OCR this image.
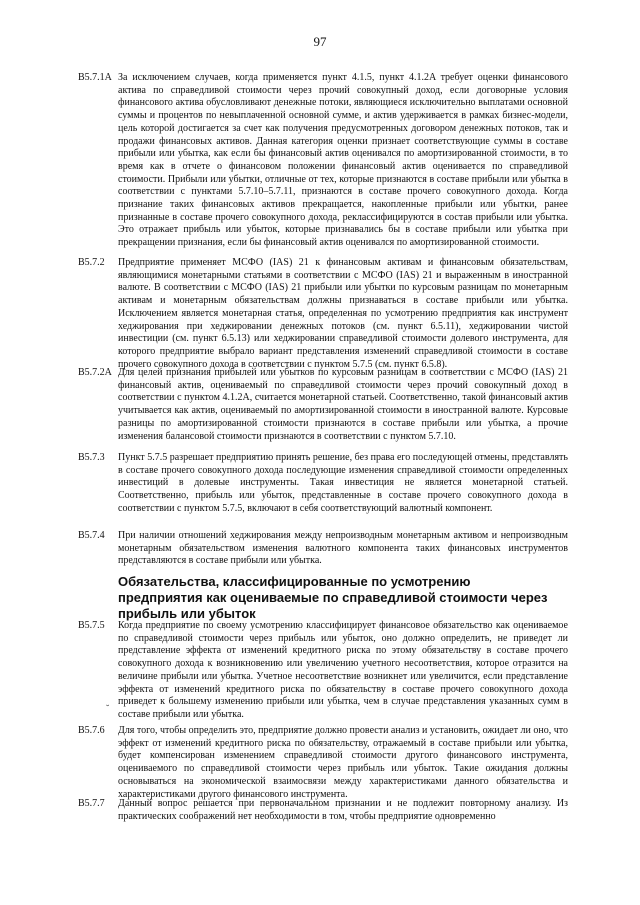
97
B5.7.1A За исключением случаев, когда применяется пункт 4.1.5, пункт 4.1.2A требует оценки финансового актива по справедливой стоимости через прочий совокупный доход, если договорные условия финансового актива обусловливают денежные потоки, являющиеся исключительно выплатами основной суммы и процентов по невыплаченной основной сумме, и актив удерживается в рамках бизнес-модели, цель которой достигается за счет как получения предусмотренных договором денежных потоков, так и продажи финансовых активов. Данная категория оценки признает соответствующие суммы в составе прибыли или убытка, как если бы финансовый актив оценивался по амортизированной стоимости, в то время как в отчете о финансовом положении финансовый актив оценивается по справедливой стоимости. Прибыли или убытки, отличные от тех, которые признаются в составе прибыли или убытка в соответствии с пунктами 5.7.10–5.7.11, признаются в составе прочего совокупного дохода. Когда признание таких финансовых активов прекращается, накопленные прибыли или убытки, ранее признанные в составе прочего совокупного дохода, реклассифицируются в состав прибыли или убытка. Это отражает прибыль или убыток, которые признавались бы в составе прибыли или убытка при прекращении признания, если бы финансовый актив оценивался по амортизированной стоимости.
B5.7.2	Предприятие применяет МСФО (IAS) 21 к финансовым активам и финансовым обязательствам, являющимися монетарными статьями в соответствии с МСФО (IAS) 21 и выраженным в иностранной валюте. В соответствии с МСФО (IAS) 21 прибыли или убытки по курсовым разницам по монетарным активам и монетарным обязательствам должны признаваться в составе прибыли или убытка. Исключением является монетарная статья, определенная по усмотрению предприятия как инструмент хеджирования при хеджировании денежных потоков (см. пункт 6.5.11), хеджировании чистой инвестиции (см. пункт 6.5.13) или хеджировании справедливой стоимости долевого инструмента, для которого предприятие выбрало вариант представления изменений справедливой стоимости в составе прочего совокупного дохода в соответствии с пунктом 5.7.5 (см. пункт 6.5.8).
B5.7.2A Для целей признания прибылей или убытков по курсовым разницам в соответствии с МСФО (IAS) 21 финансовый актив, оцениваемый по справедливой стоимости через прочий совокупный доход в соответствии с пунктом 4.1.2A, считается монетарной статьей. Соответственно, такой финансовый актив учитывается как актив, оцениваемый по амортизированной стоимости в иностранной валюте. Курсовые разницы по амортизированной стоимости признаются в составе прибыли или убытка, а прочие изменения балансовой стоимости признаются в соответствии с пунктом 5.7.10.
B5.7.3	Пункт 5.7.5 разрешает предприятию принять решение, без права его последующей отмены, представлять в составе прочего совокупного дохода последующие изменения справедливой стоимости определенных инвестиций в долевые инструменты. Такая инвестиция не является монетарной статьей. Соответственно, прибыль или убыток, представленные в составе прочего совокупного дохода в соответствии с пунктом 5.7.5, включают в себя соответствующий валютный компонент.
B5.7.4	При наличии отношений хеджирования между непроизводным монетарным активом и непроизводным монетарным обязательством изменения валютного компонента таких финансовых инструментов представляются в составе прибыли или убытка.
Обязательства, классифицированные по усмотрению предприятия как оцениваемые по справедливой стоимости через прибыль или убыток
B5.7.5	Когда предприятие по своему усмотрению классифицирует финансовое обязательство как оцениваемое по справедливой стоимости через прибыль или убыток, оно должно определить, не приведет ли представление эффекта от изменений кредитного риска по этому обязательству в составе прочего совокупного дохода к возникновению или увеличению учетного несоответствия, которое отразится на величине прибыли или убытка. Учетное несоответствие возникнет или увеличится, если представление эффекта от изменений кредитного риска по обязательству в составе прочего совокупного дохода приведет к большему изменению прибыли или убытка, чем в случае представления указанных сумм в составе прибыли или убытка.
˘
B5.7.6	Для того, чтобы определить это, предприятие должно провести анализ и установить, ожидает ли оно, что эффект от изменений кредитного риска по обязательству, отражаемый в составе прибыли или убытка, будет компенсирован изменением справедливой стоимости другого финансового инструмента, оцениваемого по справедливой стоимости через прибыль или убыток. Такие ожидания должны основываться на экономической взаимосвязи между характеристиками данного обязательства и характеристиками другого финансового инструмента.
B5.7.7	Данный вопрос решается при первоначальном признании и не подлежит повторному анализу. Из практических соображений нет необходимости в том, чтобы предприятие одновременно
